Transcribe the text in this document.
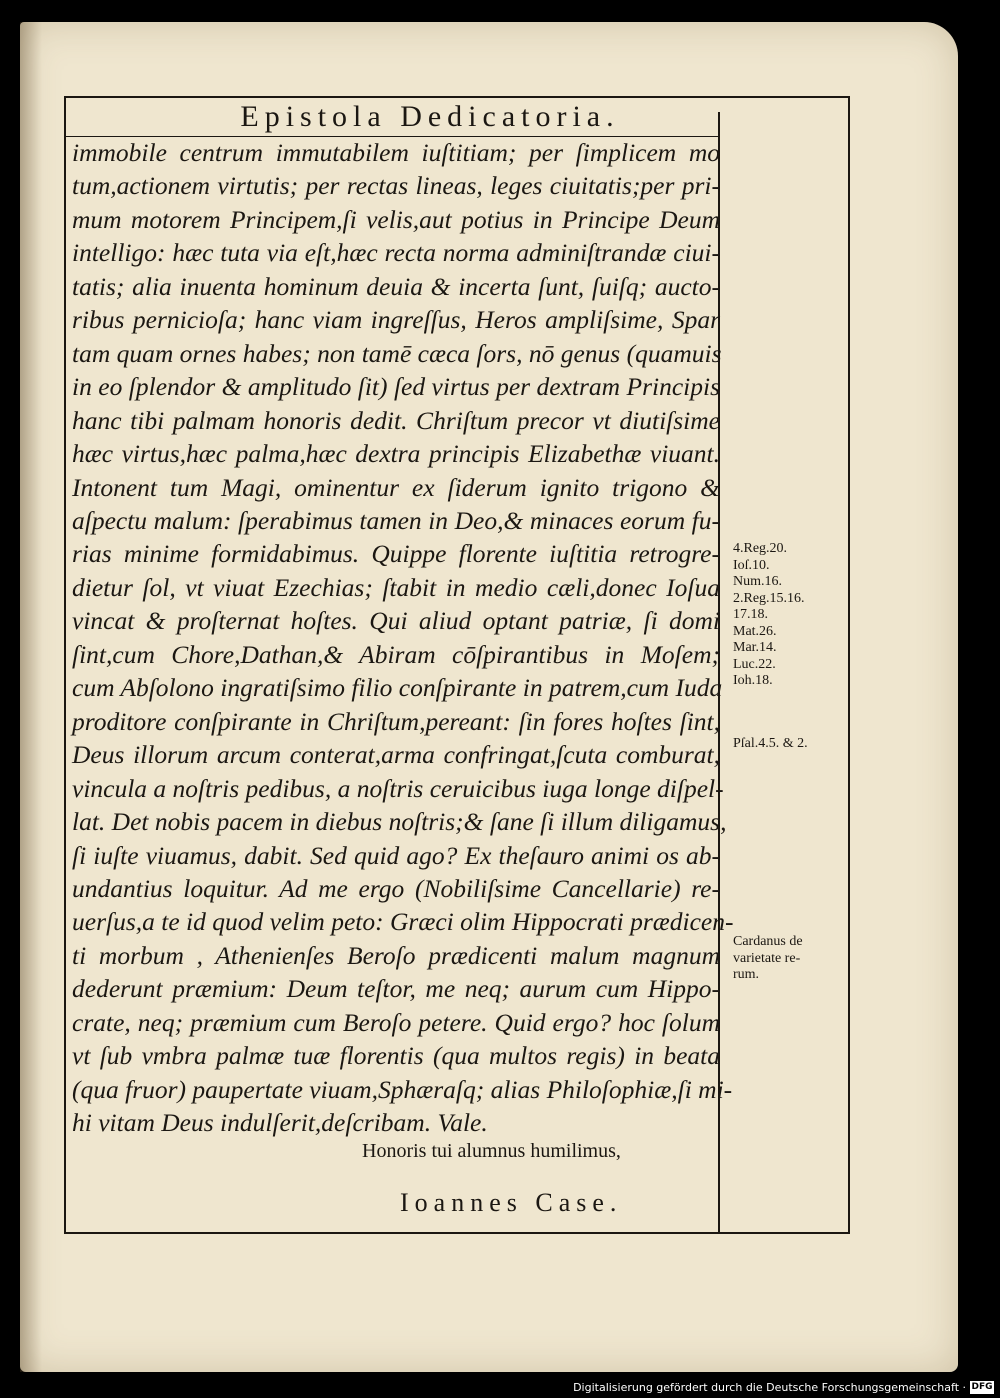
Epistola Dedicatoria.
immobile centrum immutabilem iuſtitiam; per ſimplicem mo
tum,actionem virtutis; per rectas lineas, leges ciuitatis;per pri-
mum motorem Principem,ſi velis,aut potius in Principe Deum
intelligo: hæc tuta via eſt,hæc recta norma adminiſtrandæ ciui-
tatis; alia inuenta hominum deuia & incerta ſunt, ſuiſq; aucto-
ribus pernicioſa; hanc viam ingreſſus, Heros ampliſsime, Spar
tam quam ornes habes; non tamē cæca ſors, nō genus (quamuis
in eo ſplendor & amplitudo ſit) ſed virtus per dextram Principis
hanc tibi palmam honoris dedit. Chriſtum precor vt diutiſsime
hæc virtus,hæc palma,hæc dextra principis Elizabethæ viuant.
Intonent tum Magi, ominentur ex ſiderum ignito trigono &
aſpectu malum: ſperabimus tamen in Deo,& minaces eorum fu-
rias minime formidabimus. Quippe florente iuſtitia retrogre-
dietur ſol, vt viuat Ezechias; ſtabit in medio cæli,donec Ioſua
vincat & proſternat hoſtes. Qui aliud optant patriæ, ſi domi
ſint,cum Chore,Dathan,& Abiram cōſpirantibus in Moſem;
cum Abſolono ingratiſsimo filio conſpirante in patrem,cum Iuda
proditore conſpirante in Chriſtum,pereant: ſin fores hoſtes ſint,
Deus illorum arcum conterat,arma confringat,ſcuta comburat,
vincula a noſtris pedibus, a noſtris ceruicibus iuga longe diſpel-
lat. Det nobis pacem in diebus noſtris;& ſane ſi illum diligamus,
ſi iuſte viuamus, dabit. Sed quid ago? Ex theſauro animi os ab-
undantius loquitur. Ad me ergo (Nobiliſsime Cancellarie) re-
uerſus,a te id quod velim peto: Græci olim Hippocrati prædicen-
ti morbum , Athenienſes Beroſo prædicenti malum magnum
dederunt præmium: Deum teſtor, me neq; aurum cum Hippo-
crate, neq; præmium cum Beroſo petere. Quid ergo? hoc ſolum
vt ſub vmbra palmæ tuæ florentis (qua multos regis) in beata
(qua fruor) paupertate viuam,Sphæraſq; alias Philoſophiæ,ſi mi-
hi vitam Deus indulſerit,deſcribam. Vale.
4.Reg.20.
Ioſ.10.
Num.16.
2.Reg.15.16.
17.18.
Mat.26.
Mar.14.
Luc.22.
Ioh.18.
Pſal.4.5. & 2.
Cardanus de
varietate re-
rum.
Honoris tui alumnus humilimus,
Ioannes Case.
Digitalisierung gefördert durch die Deutsche Forschungsgemeinschaft · DFG
